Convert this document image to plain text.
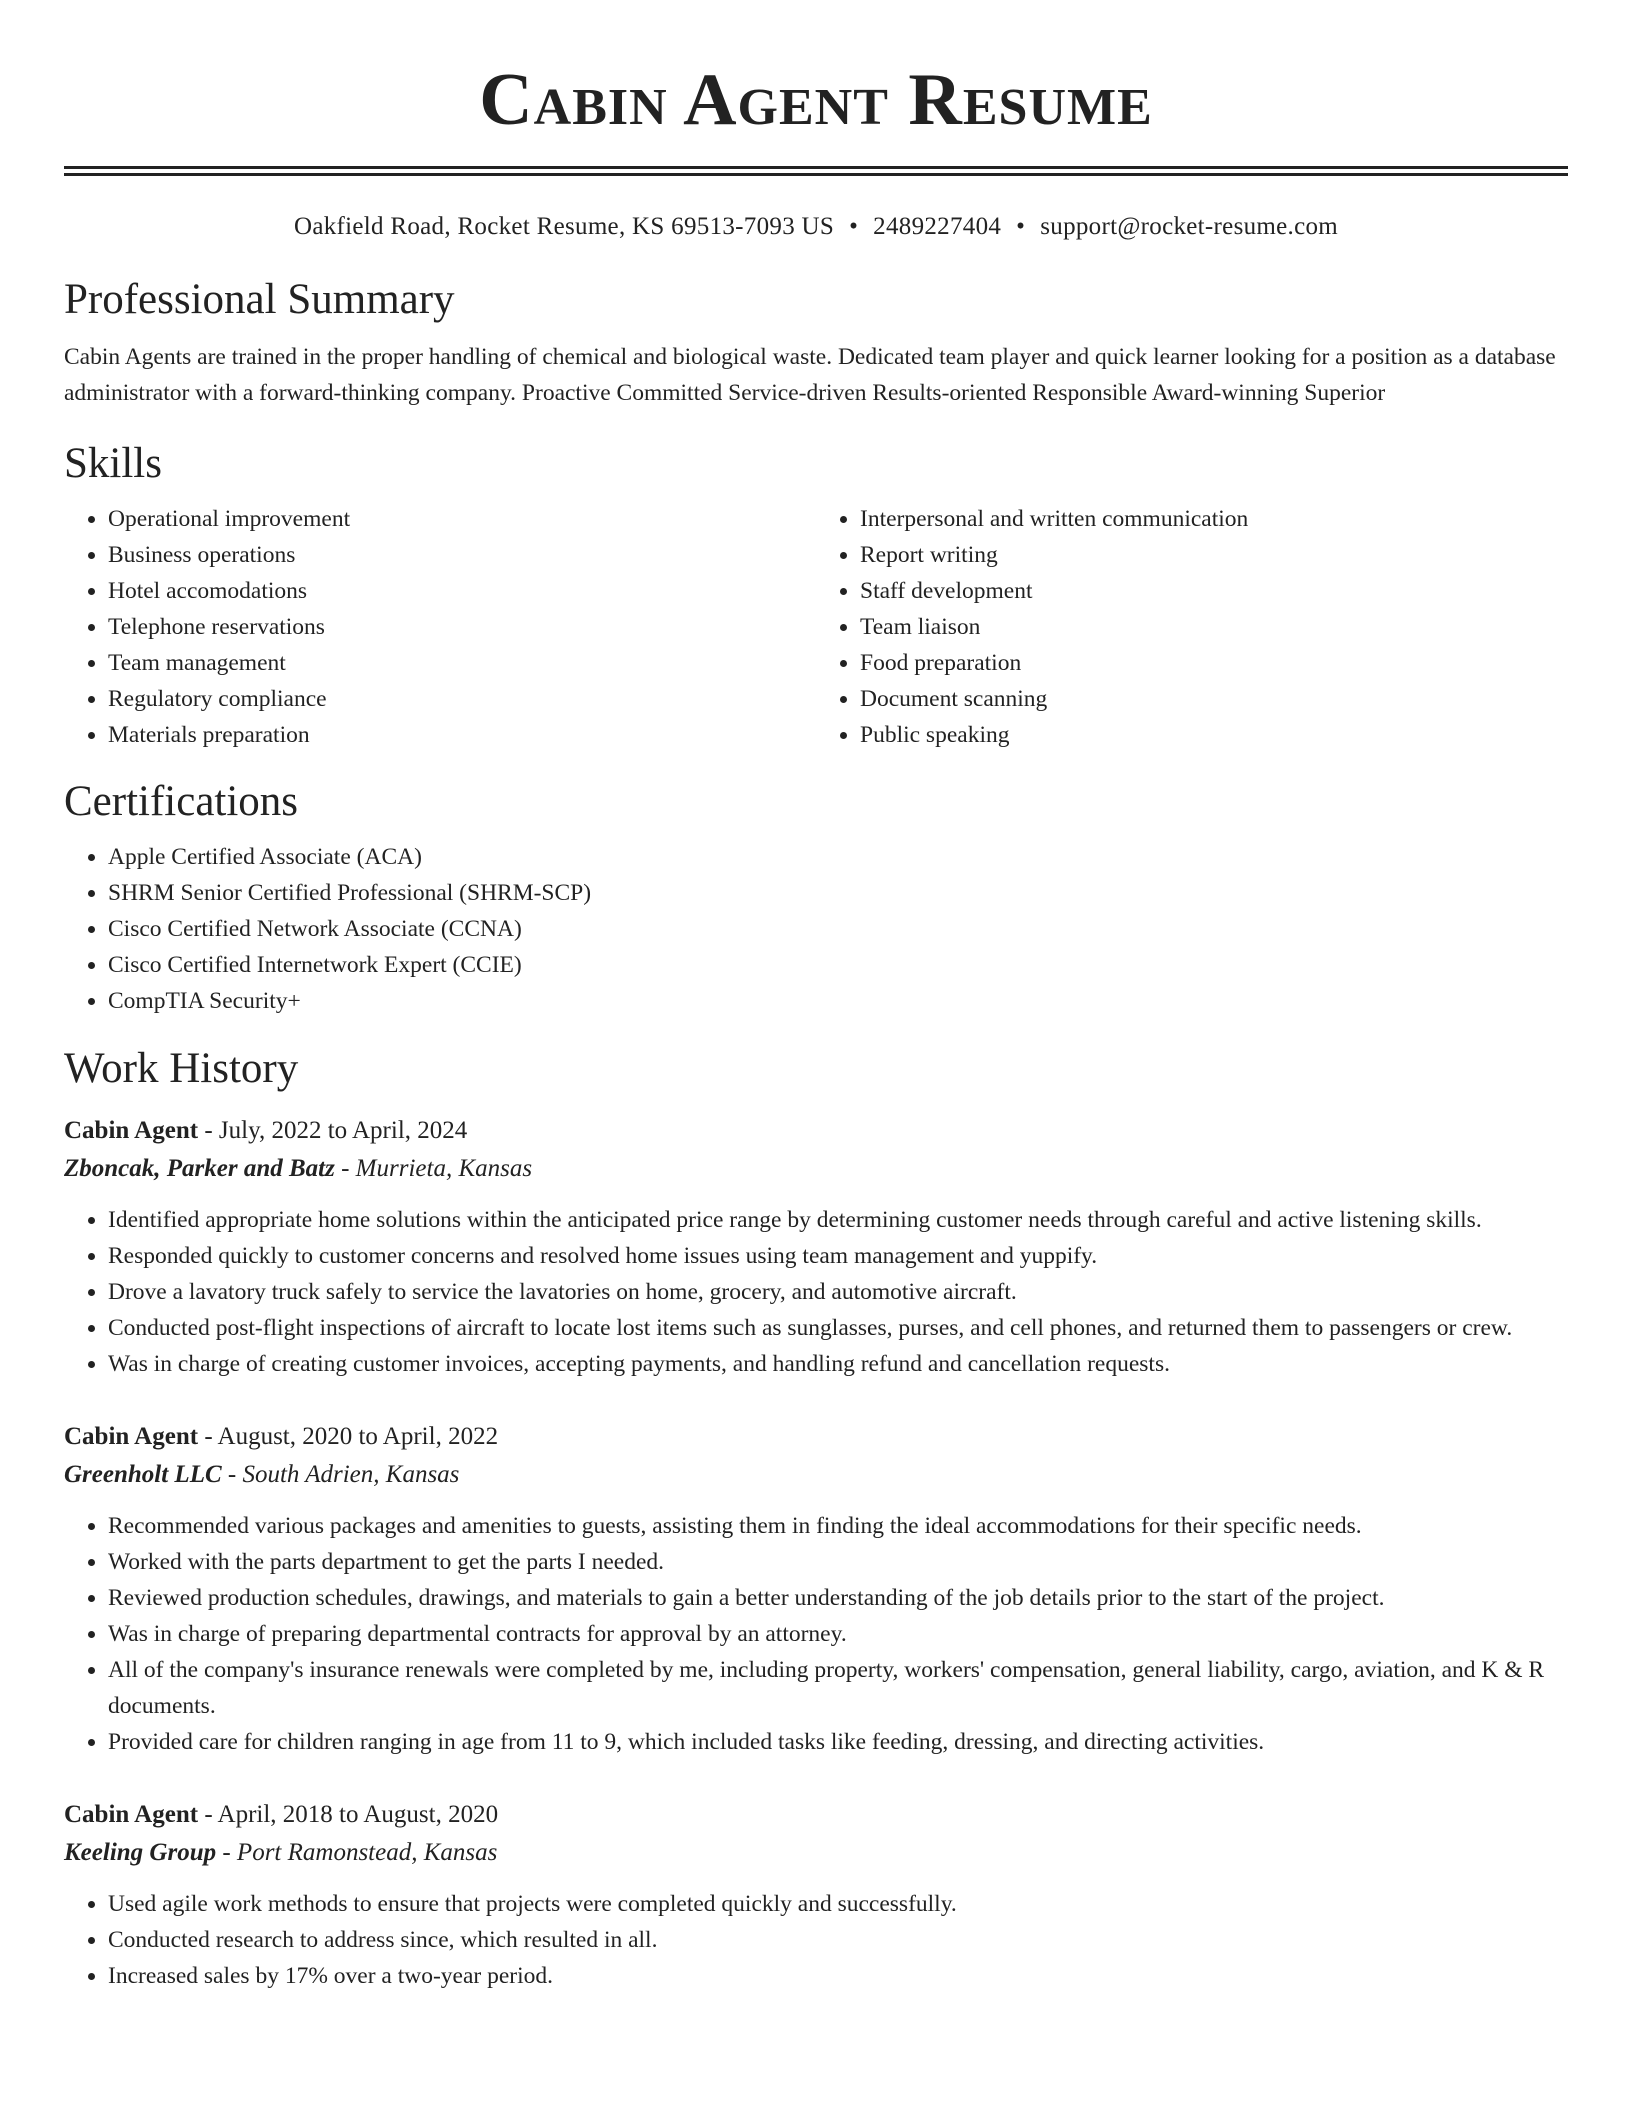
Cabin Agent Resume
Oakfield Road, Rocket Resume, KS 69513-7093 US • 2489227404 • support@rocket-resume.com
Professional Summary

Cabin Agents are trained in the proper handling of chemical and biological waste. Dedicated team player and quick learner looking for a position as a database administrator with a forward-thinking company. Proactive Committed Service-driven Results-oriented Responsible Award-winning Superior

Skills
• Operational improvement
• Business operations
• Hotel accomodations
• Telephone reservations
• Team management
• Regulatory compliance
• Materials preparation
• Interpersonal and written communication
• Report writing
• Staff development
• Team liaison
• Food preparation
• Document scanning
• Public speaking
Certifications
• Apple Certified Associate (ACA)
• SHRM Senior Certified Professional (SHRM-SCP)
• Cisco Certified Network Associate (CCNA)
• Cisco Certified Internetwork Expert (CCIE)
• CompTIA Security+
Work History
Cabin Agent - July, 2022 to April, 2024
Zboncak, Parker and Batz - Murrieta, Kansas
• Identified appropriate home solutions within the anticipated price range by determining customer needs through careful and active listening skills.
• Responded quickly to customer concerns and resolved home issues using team management and yuppify.
• Drove a lavatory truck safely to service the lavatories on home, grocery, and automotive aircraft.
• Conducted post-flight inspections of aircraft to locate lost items such as sunglasses, purses, and cell phones, and returned them to passengers or crew.
• Was in charge of creating customer invoices, accepting payments, and handling refund and cancellation requests.
Cabin Agent - August, 2020 to April, 2022
Greenholt LLC - South Adrien, Kansas
• Recommended various packages and amenities to guests, assisting them in finding the ideal accommodations for their specific needs.
• Worked with the parts department to get the parts I needed.
• Reviewed production schedules, drawings, and materials to gain a better understanding of the job details prior to the start of the project.
• Was in charge of preparing departmental contracts for approval by an attorney.
• All of the company's insurance renewals were completed by me, including property, workers' compensation, general liability, cargo, aviation, and K & R documents.
• Provided care for children ranging in age from 11 to 9, which included tasks like feeding, dressing, and directing activities.
Cabin Agent - April, 2018 to August, 2020
Keeling Group - Port Ramonstead, Kansas
• Used agile work methods to ensure that projects were completed quickly and successfully.
• Conducted research to address since, which resulted in all.
• Increased sales by 17% over a two-year period.
